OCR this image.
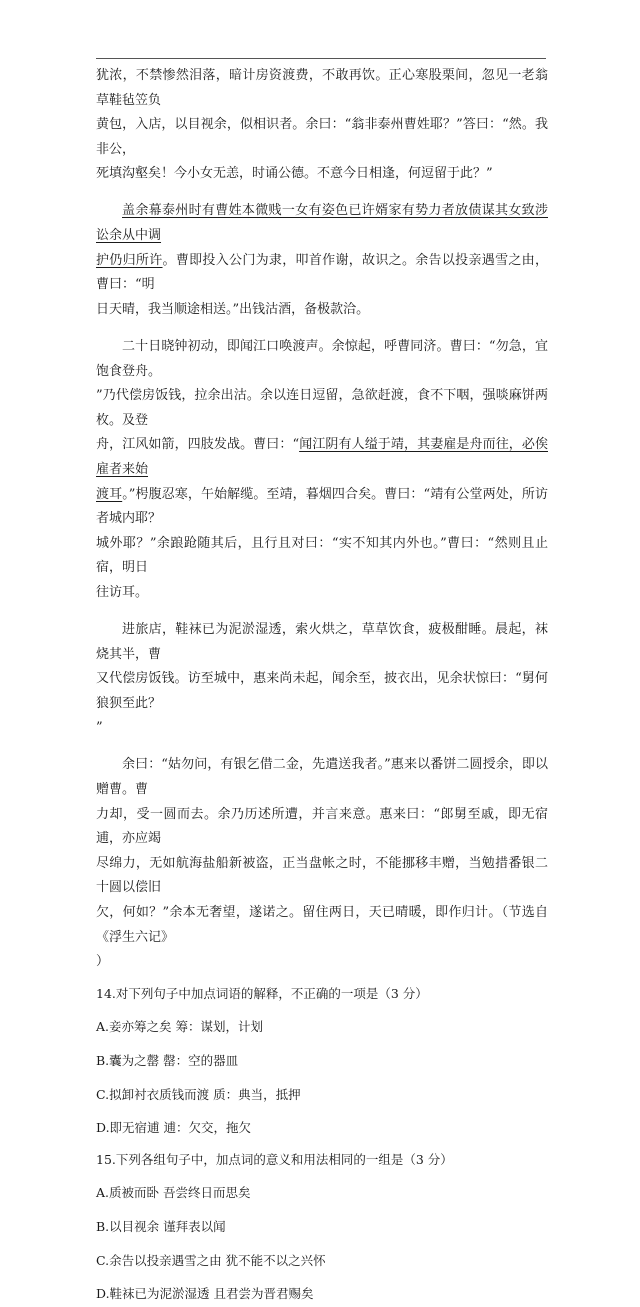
犹浓，不禁惨然泪落，暗计房资渡费，不敢再饮。正心寒股栗间，忽见一老翁草鞋毡笠负

黄包，入店，以目视余，似相识者。余曰：“翁非泰州曹姓耶？”答曰：“然。我非公，

死填沟壑矣！今小女无恙，时诵公德。不意今日相逢，何逗留于此？”

盖余幕泰州时有曹姓本微贱一女有姿色已许婿家有势力者放债谋其女致涉讼余从中调

护仍归所许。曹即投入公门为隶，叩首作谢，故识之。余告以投亲遇雪之由，曹曰：“明

日天晴，我当顺途相送。”出钱沽酒，备极款洽。

二十日晓钟初动，即闻江口唤渡声。余惊起，呼曹同济。曹曰：“勿急，宜饱食登舟。

”乃代偿房饭钱，拉余出沽。余以连日逗留，急欲赶渡，食不下咽，强啖麻饼两枚。及登

舟，江风如箭，四肢发战。曹曰：“闻江阴有人缢于靖，其妻雇是舟而往，必俟雇者来始

渡耳。”枵腹忍寒，午始解缆。至靖，暮烟四合矣。曹曰：“靖有公堂两处，所访者城内耶？

城外耶？”余踉跄随其后，且行且对曰：“实不知其内外也。”曹曰：“然则且止宿，明日

往访耳。

进旅店，鞋袜已为泥淤湿透，索火烘之，草草饮食，疲极酣睡。晨起，袜烧其半，曹

又代偿房饭钱。访至城中，惠来尚未起，闻余至，披衣出，见余状惊曰：“舅何狼狈至此？

”

余曰：“姑勿问，有银乞借二金，先遣送我者。”惠来以番饼二圆授余，即以赠曹。曹

力却，受一圆而去。余乃历述所遭，并言来意。惠来曰：“郎舅至戚，即无宿逋，亦应竭

尽绵力，无如航海盐船新被盗，正当盘帐之时，不能挪移丰赠，当勉措番银二十圆以偿旧

欠，何如？”余本无奢望，遂诺之。留住两日，天已晴暖，即作归计。（节选自《浮生六记》

）

14.对下列句子中加点词语的解释，不正确的一项是（3 分）

A.妾亦筹之矣 筹：谋划，计划

B.囊为之罄 罄：空的器皿

C.拟卸衬衣质钱而渡 质：典当，抵押

D.即无宿逋 逋：欠交，拖欠

15.下列各组句子中，加点词的意义和用法相同的一组是（3 分）

A.质被而卧 吾尝终日而思矣

B.以目视余 谨拜表以闻

C.余告以投亲遇雪之由 犹不能不以之兴怀

D.鞋袜已为泥淤湿透 且君尝为晋君赐矣
